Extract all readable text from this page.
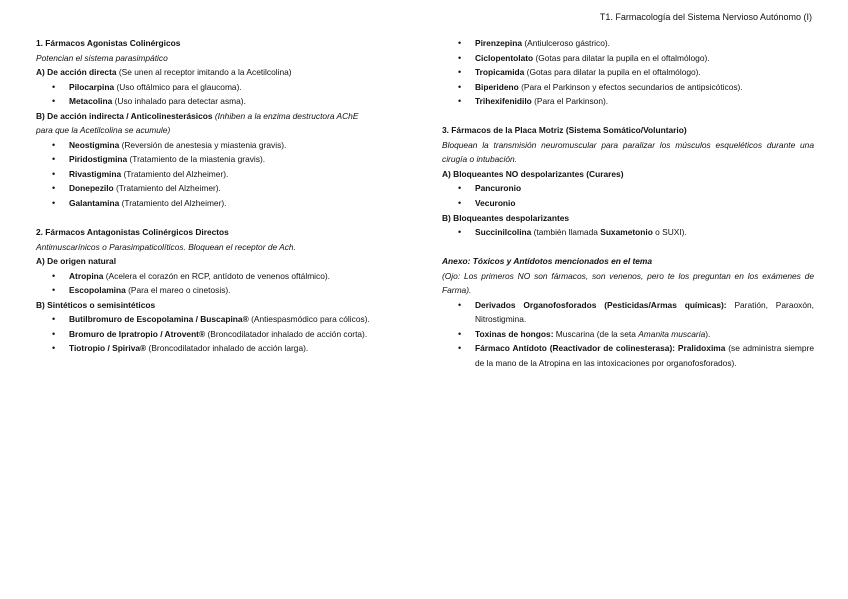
T1. Farmacología del Sistema Nervioso Autónomo (I)
1. Fármacos Agonistas Colinérgicos
Potencian el sistema parasimpático
A) De acción directa (Se unen al receptor imitando a la Acetilcolina)
• Pilocarpina (Uso oftálmico para el glaucoma).
• Metacolina (Uso inhalado para detectar asma).
B) De acción indirecta / Anticolinesterásicos (Inhiben a la enzima destructora AChE
para que la Acetilcolina se acumule)
• Neostigmina (Reversión de anestesia y miastenia gravis).
• Piridostigmina (Tratamiento de la miastenia gravis).
• Rivastigmina (Tratamiento del Alzheimer).
• Donepezilo (Tratamiento del Alzheimer).
• Galantamina (Tratamiento del Alzheimer).
2. Fármacos Antagonistas Colinérgicos Directos
Antimuscarínicos o Parasimpaticolíticos. Bloquean el receptor de Ach.
A) De origen natural
• Atropina (Acelera el corazón en RCP, antídoto de venenos oftálmico).
• Escopolamina (Para el mareo o cinetosis).
B) Sintéticos o semisintéticos
• Butilbromuro de Escopolamina / Buscapina® (Antiespasmódico para cólicos).
• Bromuro de Ipratropio / Atrovent® (Broncodilatador inhalado de acción corta).
• Tiotropio / Spiriva® (Broncodilatador inhalado de acción larga).
• Pirenzepina (Antiulceroso gástrico).
• Ciclopentolato (Gotas para dilatar la pupila en el oftalmólogo).
• Tropicamida (Gotas para dilatar la pupila en el oftalmólogo).
• Biperideno (Para el Parkinson y efectos secundarios de antipsicóticos).
• Trihexifenidilo (Para el Parkinson).
3. Fármacos de la Placa Motriz (Sistema Somático/Voluntario)
Bloquean la transmisión neuromuscular para paralizar los músculos esqueléticos durante una cirugía o intubación.
A) Bloqueantes NO despolarizantes (Curares)
• Pancuronio
• Vecuronio
B) Bloqueantes despolarizantes
• Succinilcolina (también llamada Suxametonio o SUXI).
Anexo: Tóxicos y Antídotos mencionados en el tema
(Ojo: Los primeros NO son fármacos, son venenos, pero te los preguntan en los exámenes de Farma).
• Derivados Organofosforados (Pesticidas/Armas químicas): Paratión, Paraoxón, Nitrostigmina.
• Toxinas de hongos: Muscarina (de la seta Amanita muscaria).
• Fármaco Antídoto (Reactivador de colinesterasa): Pralidoxima (se administra siempre de la mano de la Atropina en las intoxicaciones por organofosforados).
